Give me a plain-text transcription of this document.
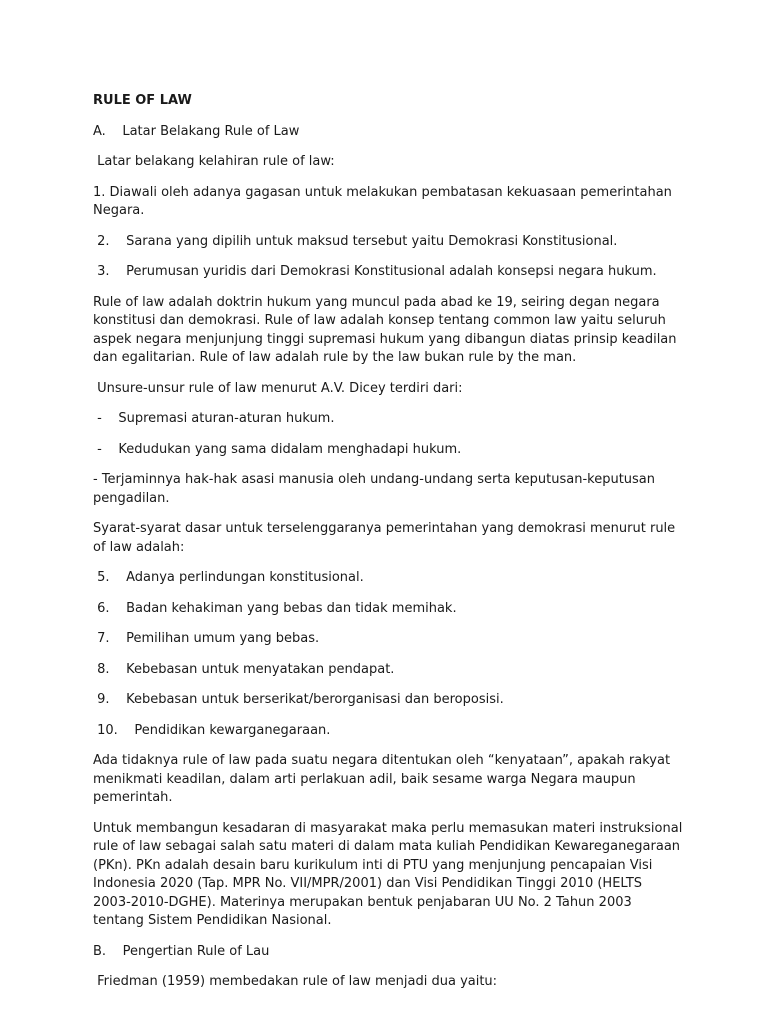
RULE OF LAW

A.    Latar Belakang Rule of Law

Latar belakang kelahiran rule of law:

1. Diawali oleh adanya gagasan untuk melakukan pembatasan kekuasaan pemerintahan Negara.

2.    Sarana yang dipilih untuk maksud tersebut yaitu Demokrasi Konstitusional.

3.    Perumusan yuridis dari Demokrasi Konstitusional adalah konsepsi negara hukum.

Rule of law adalah doktrin hukum yang muncul pada abad ke 19, seiring degan negara konstitusi dan demokrasi. Rule of law adalah konsep tentang common law yaitu seluruh aspek negara menjunjung tinggi supremasi hukum yang dibangun diatas prinsip keadilan dan egalitarian. Rule of law adalah rule by the law bukan rule by the man.

Unsure-unsur rule of law menurut A.V. Dicey terdiri dari:

-    Supremasi aturan-aturan hukum.

-    Kedudukan yang sama didalam menghadapi hukum.

- Terjaminnya hak-hak asasi manusia oleh undang-undang serta keputusan-keputusan pengadilan.

Syarat-syarat dasar untuk terselenggaranya pemerintahan yang demokrasi menurut rule of law adalah:

5.    Adanya perlindungan konstitusional.

6.    Badan kehakiman yang bebas dan tidak memihak.

7.    Pemilihan umum yang bebas.

8.    Kebebasan untuk menyatakan pendapat.

9.    Kebebasan untuk berserikat/berorganisasi dan beroposisi.

10.    Pendidikan kewarganegaraan.

Ada tidaknya rule of law pada suatu negara ditentukan oleh “kenyataan”, apakah rakyat menikmati keadilan, dalam arti perlakuan adil, baik sesame warga Negara maupun pemerintah.

Untuk membangun kesadaran di masyarakat maka perlu memasukan materi instruksional rule of law sebagai salah satu materi di dalam mata kuliah Pendidikan Kewareganegaraan (PKn). PKn adalah desain baru kurikulum inti di PTU yang menjunjung pencapaian Visi Indonesia 2020 (Tap. MPR No. VII/MPR/2001) dan Visi Pendidikan Tinggi 2010 (HELTS 2003-2010-DGHE). Materinya merupakan bentuk penjabaran UU No. 2 Tahun 2003 tentang Sistem Pendidikan Nasional.

B.    Pengertian Rule of Lau

Friedman (1959) membedakan rule of law menjadi dua yaitu:
